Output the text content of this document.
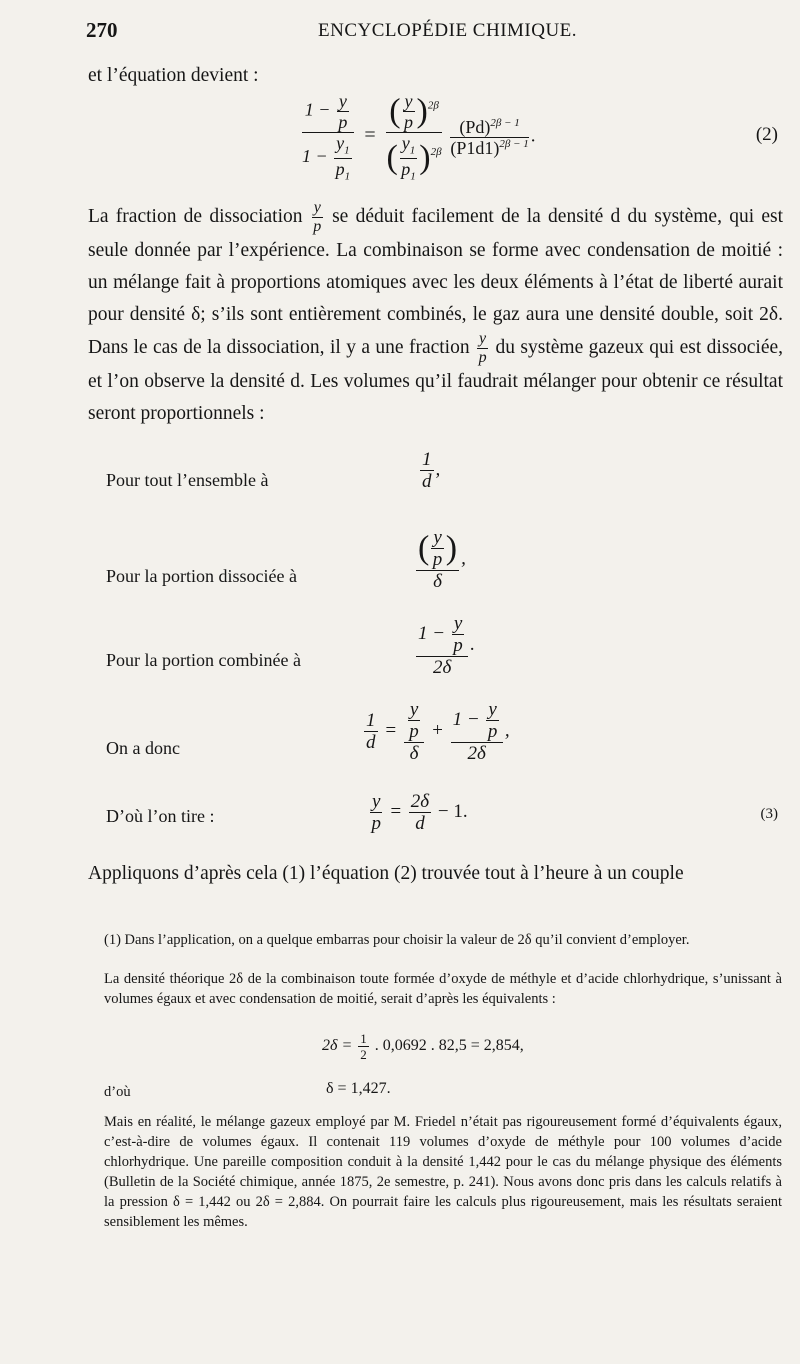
270	ENCYCLOPÉDIE CHIMIQUE.
et l’équation devient :
$\frac{1 - \frac{y}{p}}{1 - \frac{y_1}{p_1}} = \frac{( \frac{y}{p} )^{2\beta}}{( \frac{y_1}{p_1} )^{2\beta}}$
$\frac{(Pd)^{2\beta - 1}}{(P1d1)^{2\beta - 1}}$ .	(2)
La fraction de dissociation $\frac{y}{p}$ se déduit facilement de la densité d du système, qui est seule donnée par l’expérience. La combinaison se forme avec condensation de moitié : un mélange fait à proportions atomiques avec les deux éléments à l’état de liberté aurait pour densité δ; s’ils sont entièrement combinés, le gaz aura une densité double, soit 2δ. Dans le cas de la dissociation, il y a une fraction $\frac{y}{p}$ du système gazeux qui est dissociée, et l’on observe la densité d. Les volumes qu’il faudrait mélanger pour obtenir ce résultat seront proportionnels :
Pour tout l’ensemble à	$\frac{1}{d}$ ,
Pour la portion dissociée à	$\frac{( \frac{y}{p} )}{\delta}$ ,
Pour la portion combinée à	$\frac{1 - \frac{y}{p}}{2\delta}$ .
On a donc	$\frac{1}{d} = \frac{\frac{y}{p}}{\delta} + \frac{1 - \frac{y}{p}}{2\delta}$ ,
D’où l’on tire :	$\frac{y}{p} = \frac{2\delta}{d} - 1$.	(3)
Appliquons d’après cela (1) l’équation (2) trouvée tout à l’heure à un couple
(1) Dans l’application, on a quelque embarras pour choisir la valeur de 2δ qu’il convient d’employer.
La densité théorique 2δ de la combinaison toute formée d’oxyde de méthyle et d’acide chlorhydrique, s’unissant à volumes égaux et avec condensation de moitié, serait d’après les équivalents :
$2\delta = \frac{1}{2}$ . 0,0692 . 82,5 = 2,854,
d’où	δ = 1,427.
Mais en réalité, le mélange gazeux employé par M. Friedel n’était pas rigoureusement formé d’équivalents égaux, c’est-à-dire de volumes égaux. Il contenait 119 volumes d’oxyde de méthyle pour 100 volumes d’acide chlorhydrique. Une pareille composition conduit à la densité 1,442 pour le cas du mélange physique des éléments (Bulletin de la Société chimique, année 1875, 2e semestre, p. 241). Nous avons donc pris dans les calculs relatifs à la pression δ = 1,442 ou 2δ = 2,884. On pourrait faire les calculs plus rigoureusement, mais les résultats seraient sensiblement les mêmes.
